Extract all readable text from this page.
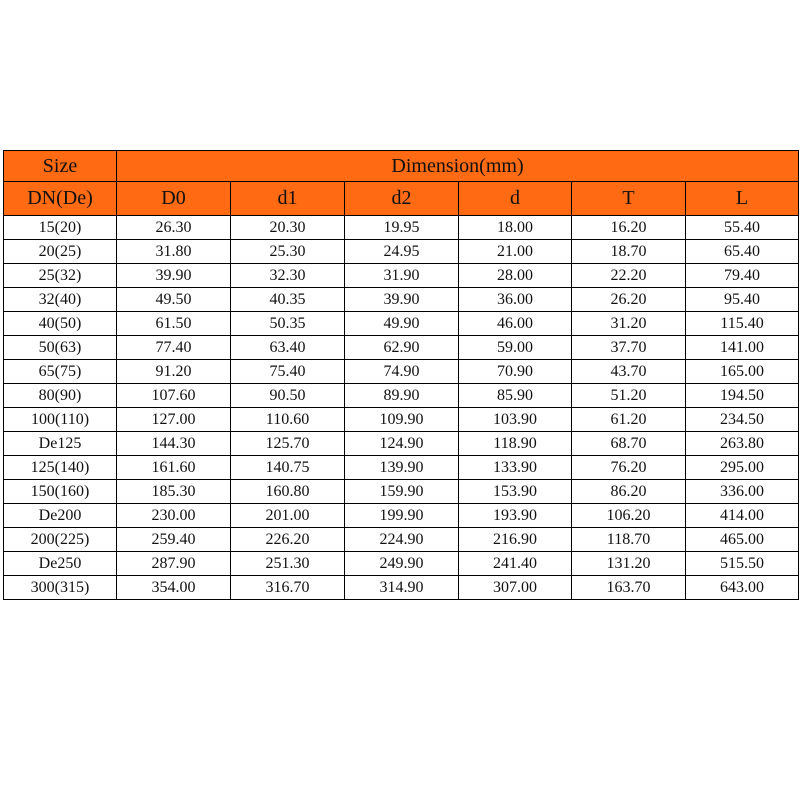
Size	Dimension(mm)					
DN(De)	D0	d1	d2	d	T	L
15(20)	26.30	20.30	19.95	18.00	16.20	55.40
20(25)	31.80	25.30	24.95	21.00	18.70	65.40
25(32)	39.90	32.30	31.90	28.00	22.20	79.40
32(40)	49.50	40.35	39.90	36.00	26.20	95.40
40(50)	61.50	50.35	49.90	46.00	31.20	115.40
50(63)	77.40	63.40	62.90	59.00	37.70	141.00
65(75)	91.20	75.40	74.90	70.90	43.70	165.00
80(90)	107.60	90.50	89.90	85.90	51.20	194.50
100(110)	127.00	110.60	109.90	103.90	61.20	234.50
De125	144.30	125.70	124.90	118.90	68.70	263.80
125(140)	161.60	140.75	139.90	133.90	76.20	295.00
150(160)	185.30	160.80	159.90	153.90	86.20	336.00
De200	230.00	201.00	199.90	193.90	106.20	414.00
200(225)	259.40	226.20	224.90	216.90	118.70	465.00
De250	287.90	251.30	249.90	241.40	131.20	515.50
300(315)	354.00	316.70	314.90	307.00	163.70	643.00
